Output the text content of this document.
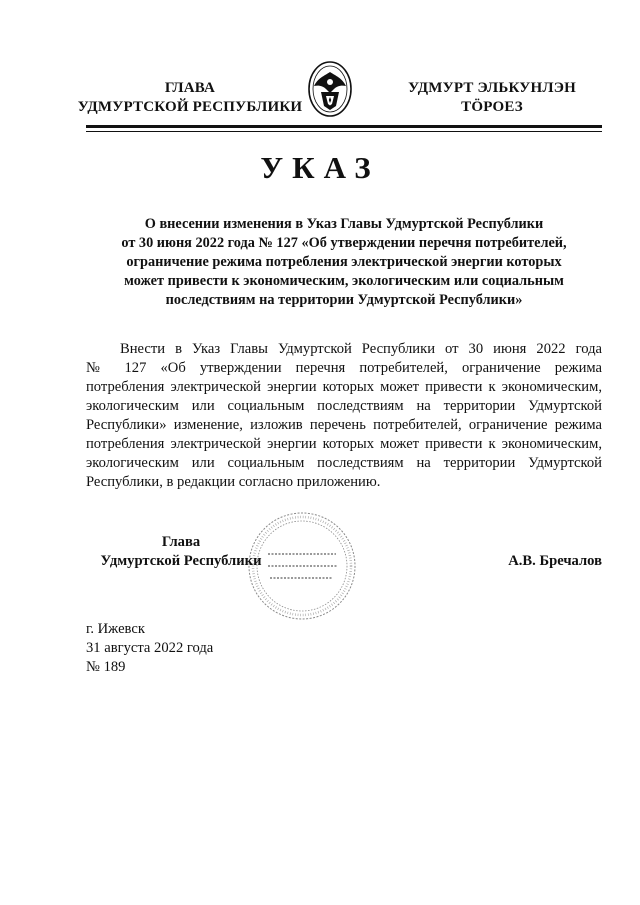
ГЛАВА
УДМУРТСКОЙ РЕСПУБЛИКИ
УДМУРТ ЭЛЬКУНЛЭН
ТӦРОЕЗ
УКАЗ
О внесении изменения в Указ Главы Удмуртской Республики
от 30 июня 2022 года № 127 «Об утверждении перечня потребителей,
ограничение режима потребления электрической энергии которых
может привести к экономическим, экологическим или социальным
последствиям на территории Удмуртской Республики»
Внести в Указ Главы Удмуртской Республики от 30 июня 2022 года
№ 127 «Об утверждении перечня потребителей, ограничение режима
потребления электрической энергии которых может привести к экономическим,
экологическим или социальным последствиям на территории Удмуртской
Республики» изменение, изложив перечень потребителей, ограничение режима
потребления электрической энергии которых может привести к экономическим,
экологическим или социальным последствиям на территории Удмуртской
Республики, в редакции согласно приложению.
Глава
Удмуртской Республики	А.В. Бречалов
г. Ижевск
31 августа 2022 года
№ 189
